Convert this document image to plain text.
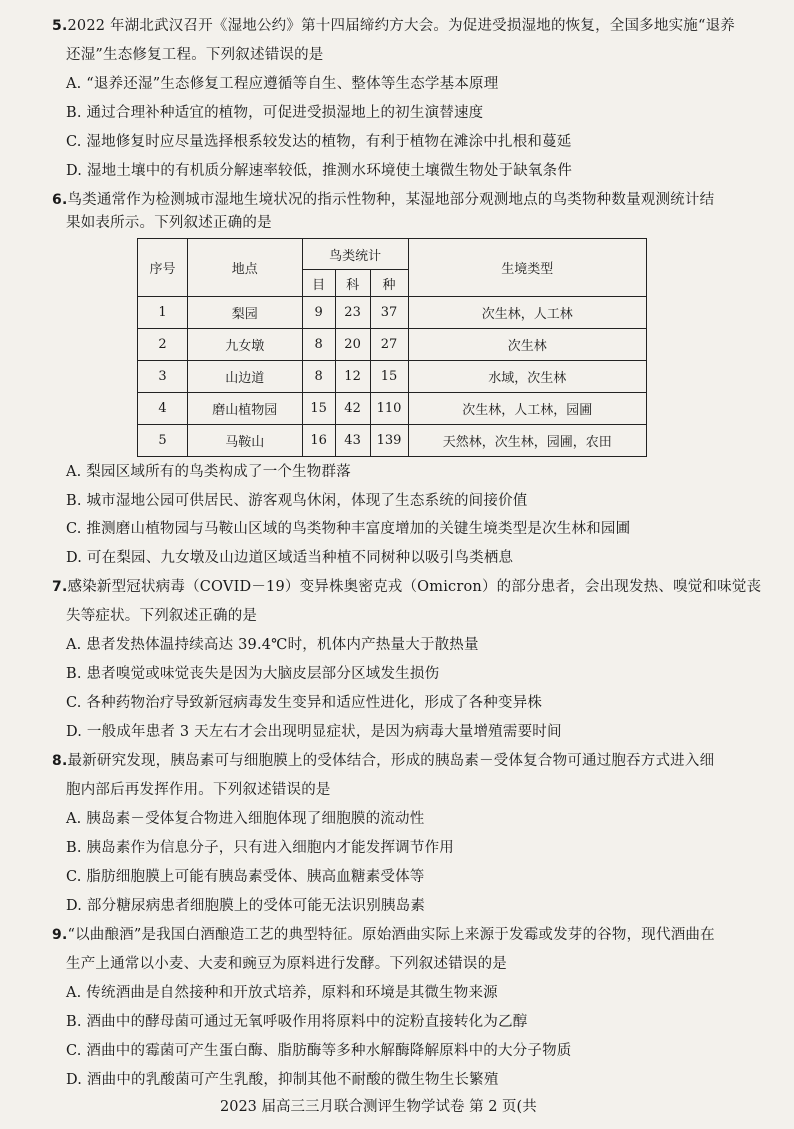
5.2022 年湖北武汉召开《湿地公约》第十四届缔约方大会。为促进受损湿地的恢复，全国多地实施“退养
还湿”生态修复工程。下列叙述错误的是
A. “退养还湿”生态修复工程应遵循等自生、整体等生态学基本原理
B. 通过合理补种适宜的植物，可促进受损湿地上的初生演替速度
C. 湿地修复时应尽量选择根系较发达的植物，有利于植物在滩涂中扎根和蔓延
D. 湿地土壤中的有机质分解速率较低，推测水环境使土壤微生物处于缺氧条件
6.鸟类通常作为检测城市湿地生境状况的指示性物种，某湿地部分观测地点的鸟类物种数量观测统计结
果如表所示。下列叙述正确的是
序号	地点	鸟类统计			生境类型
		目	科	种	
1	梨园	9	23	37	次生林，人工林
2	九女墩	8	20	27	次生林
3	山边道	8	12	15	水域，次生林
4	磨山植物园	15	42	110	次生林，人工林，园圃
5	马鞍山	16	43	139	天然林，次生林，园圃，农田
A. 梨园区域所有的鸟类构成了一个生物群落
B. 城市湿地公园可供居民、游客观鸟休闲，体现了生态系统的间接价值
C. 推测磨山植物园与马鞍山区域的鸟类物种丰富度增加的关键生境类型是次生林和园圃
D. 可在梨园、九女墩及山边道区域适当种植不同树种以吸引鸟类栖息
7.感染新型冠状病毒（COVID－19）变异株奥密克戎（Omicron）的部分患者，会出现发热、嗅觉和味觉丧
失等症状。下列叙述正确的是
A. 患者发热体温持续高达 39.4℃时，机体内产热量大于散热量
B. 患者嗅觉或味觉丧失是因为大脑皮层部分区域发生损伤
C. 各种药物治疗导致新冠病毒发生变异和适应性进化，形成了各种变异株
D. 一般成年患者 3 天左右才会出现明显症状，是因为病毒大量增殖需要时间
8.最新研究发现，胰岛素可与细胞膜上的受体结合，形成的胰岛素－受体复合物可通过胞吞方式进入细
胞内部后再发挥作用。下列叙述错误的是
A. 胰岛素－受体复合物进入细胞体现了细胞膜的流动性
B. 胰岛素作为信息分子，只有进入细胞内才能发挥调节作用
C. 脂肪细胞膜上可能有胰岛素受体、胰高血糖素受体等
D. 部分糖尿病患者细胞膜上的受体可能无法识别胰岛素
9.“以曲酿酒”是我国白酒酿造工艺的典型特征。原始酒曲实际上来源于发霉或发芽的谷物，现代酒曲在
生产上通常以小麦、大麦和豌豆为原料进行发酵。下列叙述错误的是
A. 传统酒曲是自然接种和开放式培养，原料和环境是其微生物来源
B. 酒曲中的酵母菌可通过无氧呼吸作用将原料中的淀粉直接转化为乙醇
C. 酒曲中的霉菌可产生蛋白酶、脂肪酶等多种水解酶降解原料中的大分子物质
D. 酒曲中的乳酸菌可产生乳酸，抑制其他不耐酸的微生物生长繁殖
2023 届高三三月联合测评生物学试卷 第 2 页(共
